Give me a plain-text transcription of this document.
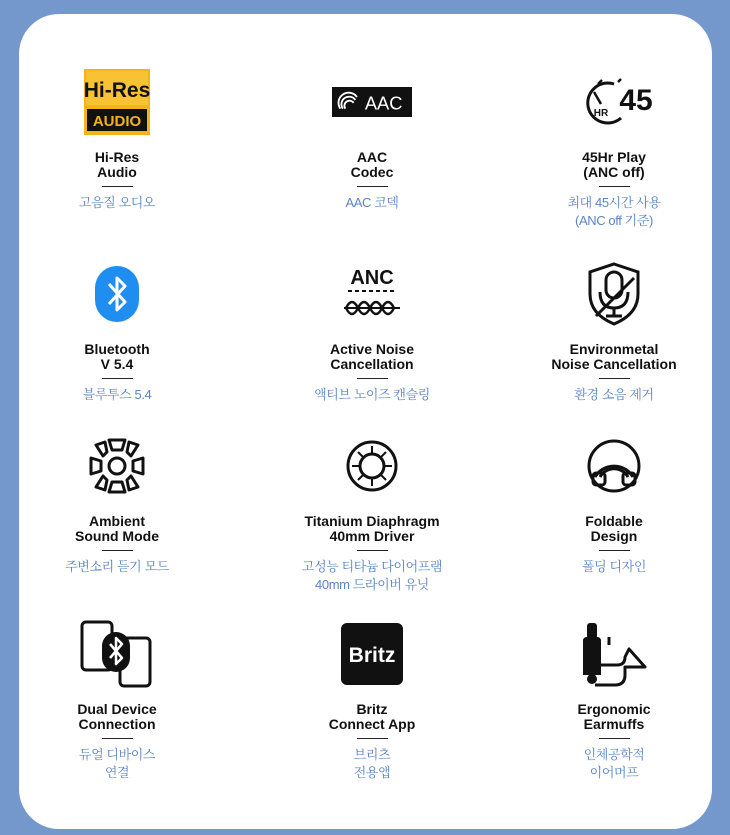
Hi-Res
AUDIO
Hi-Res
Audio
고음질 오디오
AAC
AAC
Codec
AAC 코덱
HR 45
45Hr Play
(ANC off)
최대 45시간 사용
(ANC off 기준)
Bluetooth
V 5.4
블루투스 5.4
ANC
Active Noise
Cancellation
액티브 노이즈 캔슬링
Environmetal
Noise Cancellation
환경 소음 제거
Ambient
Sound Mode
주변소리 듣기 모드
Titanium Diaphragm
40mm Driver
고성능 티타늄 다이어프램
40mm 드라이버 유닛
Foldable
Design
폴딩 디자인
Dual Device
Connection
듀얼 디바이스
연결
Britz
Britz
Connect App
브리츠
전용앱
Ergonomic
Earmuffs
인체공학적
이어머프
